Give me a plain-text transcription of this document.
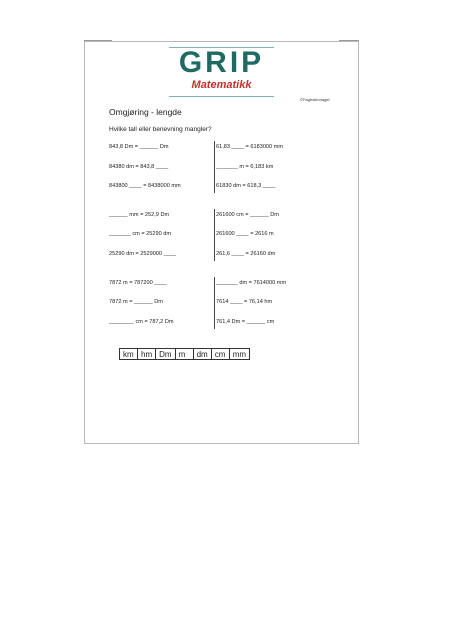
GRIP
Matematikk
©Fagbokforlaget
Omgjøring - lengde
Hvilke tall eller benevning mangler?
843,8 Dm = ______ Dm
84380 dm = 843,8 ____
843800 ____ = 8438000 mm
______ mm = 252,9 Dm
_______ cm = 25290 dm
25290 dm = 2529000 ____
7872 m = 787200 ____
7872 m = ______ Dm
________ cm = 787,2 Dm
61,83 ____ = 6183000 mm
_______ m = 6,183 km
61830 dm = 618,3 ____
261600 cm = ______ Dm
261600 ____ = 2616 m
261,6 ____ = 26160 dm
_______ dm = 7614000 mm
7614 ____ = 76,14 hm
761,4 Dm = ______ cm
km hm Dm m	dm cm mm
